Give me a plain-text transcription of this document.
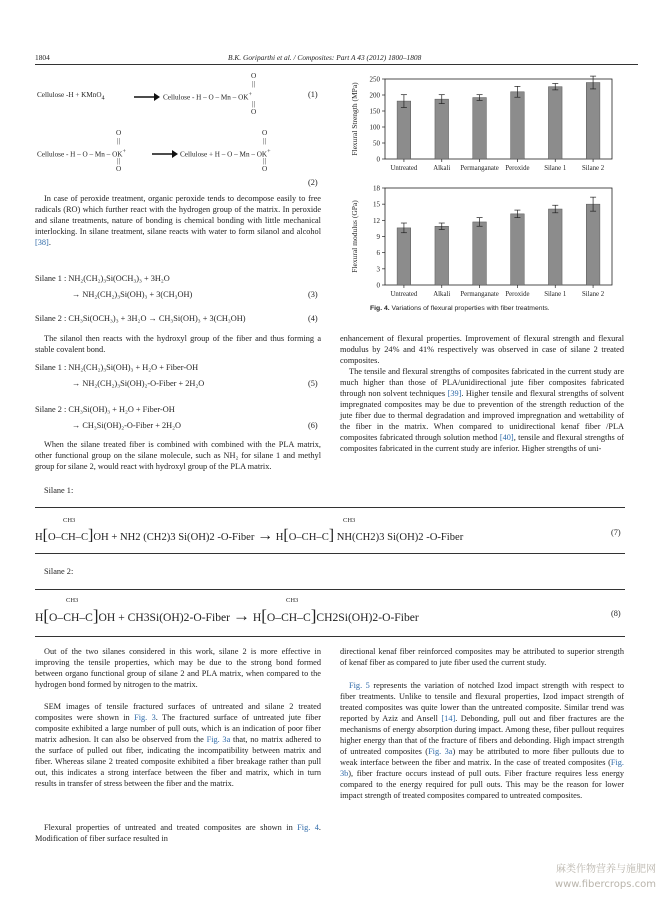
1804	B.K. Goriparthi et al. / Composites: Part A 43 (2012) 1800–1808
Cellulose -H + KMnO$_4$ → Cellulose - H – O – Mn – OK+
O
||
||
O
(1)
Cellulose - H – O – Mn – OK+
O
||
||
O
→ Cellulose + H – O – Mn – OK+
O
||
||
O
(2)
In case of peroxide treatment, organic peroxide tends to decompose easily to free radicals (RO) which further react with the hydrogen group of the matrix. In peroxide and silane treatments, nature of bonding is chemical bonding with little mechanical interlocking. In silane treatment, silane reacts with water to form silanol and alcohol [38].
Silane 1 : NH₂(CH₂)₃Si(OCH₃)₃ + 3H₂O
→ NH₂(CH₂)₃Si(OH)₃ + 3(CH₃OH)	(3)
Silane 2 : CH₃Si(OCH₃)₃ + 3H₂O → CH₃Si(OH)₃ + 3(CH₃OH)	(4)
The silanol then reacts with the hydroxyl group of the fiber and thus forming a stable covalent bond.
Silane 1 : NH₂(CH₂)₃Si(OH)₃ + H₂O + Fiber-OH
→ NH₂(CH₂)₃Si(OH)₂-O-Fiber + 2H₂O	(5)
Silane 2 : CH₃Si(OH)₃ + H₂O + Fiber-OH
→ CH₃Si(OH)₂-O-Fiber + 2H₂O	(6)
When the silane treated fiber is combined with combined with the PLA matrix, other functional group on the silane molecule, such as NH₂ for silane 1 and methyl group for silane 2, would react with hydroxyl group of the PLA matrix.
Silane 1:
0
50
100
150
200
250
Flexural Strength (MPa)
Untreated Alkali Permanganate Peroxide Silane 1 Silane 2
0
3
6
9
12
15
18
Flexural modulus (GPa)
Untreated Alkali Permanganate Peroxide Silane 1 Silane 2
Fig. 4. Variations of flexural properties with fiber treatments.
enhancement of flexural properties. Improvement of flexural strength and flexural modulus by 24% and 41% respectively was observed in case of silane 2 treated composites.
The tensile and flexural strengths of composites fabricated in the current study are much higher than those of PLA/unidirectional jute fiber composites fabricated through non solvent techniques [39]. Higher tensile and flexural strengths of solvent impregnated composites may be due to prevention of the strength reduction of the jute fiber due to thermal degradation and improved impregnation and wettability of the fiber in the matrix. When compared to unidirectional kenaf fiber /PLA composites fabricated through solution method [40], tensile and flexural strengths of composites fabricated in the current study are inferior. Higher strengths of uni-
H[O–CH–C]OH + NH2 (CH2)3 Si(OH)2 -O-Fiber → H[O–CH–C] NH(CH2)3 Si(OH)2 -O-Fiber
CH3	CH3
(7)
Silane 2:
H[O–CH–C]OH + CH3Si(OH)2-O-Fiber → H[O–CH–C]CH2Si(OH)2-O-Fiber
CH3	CH3
(8)
Out of the two silanes considered in this work, silane 2 is more effective in improving the tensile properties, which may be due to the strong bond formed between organo functional group of silane 2 and PLA matrix, when compared to the hydrogen bond formed by nitrogen to the matrix.
SEM images of tensile fractured surfaces of untreated and silane 2 treated composites were shown in Fig. 3. The fractured surface of untreated jute fiber composite exhibited a large number of pull outs, which is an indication of poor fiber matrix adhesion. It can also be observed from the Fig. 3a that, no matrix adhered to the surface of pulled out fiber, indicating the incompatibility between matrix and fiber. Whereas silane 2 treated composite exhibited a fiber breakage rather than pull out, this indicates a strong interface between the fiber and matrix, which in turn results in transfer of stress between the fiber and the matrix.
Flexural properties of untreated and treated composites are shown in Fig. 4. Modification of fiber surface resulted in
directional kenaf fiber reinforced composites may be attributed to superior strength of kenaf fiber as compared to jute fiber used the current study.
Fig. 5 represents the variation of notched Izod impact strength with respect to fiber treatments. Unlike to tensile and flexural properties, Izod impact strength of treated composites was quite lower than the untreated composite. Similar trend was reported by Aziz and Ansell [14]. Debonding, pull out and fiber fractures are the mechanisms of energy absorption during impact. Among these, fiber pullout requires higher energy than that of the fracture of fibers and debonding. High impact strength of untreated composites (Fig. 3a) may be attributed to more fiber pullouts due to weak interface between the fiber and matrix. In the case of treated composites (Fig. 3b), fiber fracture occurs instead of pull outs. Fiber fracture requires less energy compared to the energy required for pull outs. This may be the reason for lower impact strength of treated composites compared to untreated composites.
麻类作物营养与施肥网
www.fibercrops.com
